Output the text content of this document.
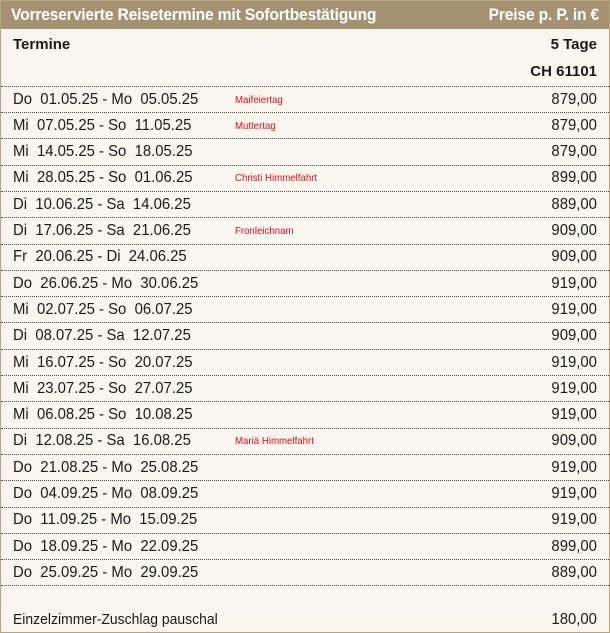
Vorreservierte Reisetermine mit Sofortbestätigung	Preise p. P. in €
Termine	5 Tage
CH 61101
Do  01.05.25 - Mo  05.05.25	Maifeiertag	879,00
Mi  07.05.25 - So  11.05.25	Muttertag	879,00
Mi  14.05.25 - So  18.05.25	879,00
Mi  28.05.25 - So  01.06.25	Christi Himmelfahrt	899,00
Di  10.06.25 - Sa  14.06.25	889,00
Di  17.06.25 - Sa  21.06.25	Fronleichnam	909,00
Fr  20.06.25 - Di  24.06.25	909,00
Do  26.06.25 - Mo  30.06.25	919,00
Mi  02.07.25 - So  06.07.25	919,00
Di  08.07.25 - Sa  12.07.25	909,00
Mi  16.07.25 - So  20.07.25	919,00
Mi  23.07.25 - So  27.07.25	919,00
Mi  06.08.25 - So  10.08.25	919,00
Di  12.08.25 - Sa  16.08.25	Mariä Himmelfahrt	909,00
Do  21.08.25 - Mo  25.08.25	919,00
Do  04.09.25 - Mo  08.09.25	919,00
Do  11.09.25 - Mo  15.09.25	919,00
Do  18.09.25 - Mo  22.09.25	899,00
Do  25.09.25 - Mo  29.09.25	889,00
Einzelzimmer-Zuschlag pauschal	180,00
